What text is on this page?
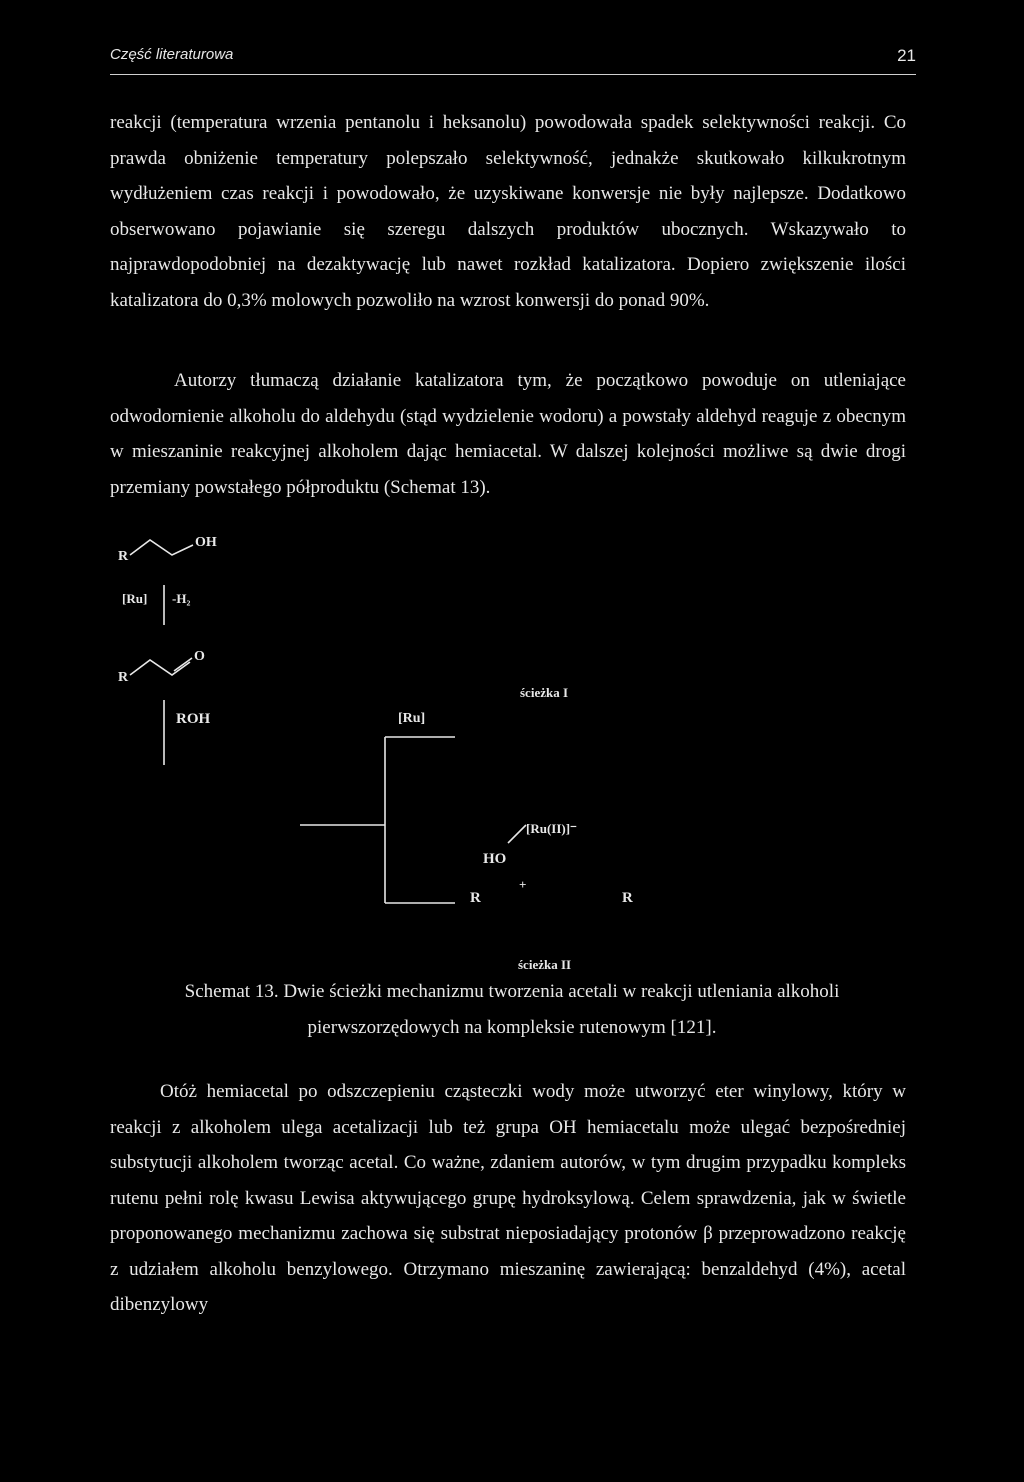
Część literaturowa	21
reakcji (temperatura wrzenia pentanolu i heksanolu) powodowała spadek selektywności reakcji. Co prawda obniżenie temperatury polepszało selektywność, jednakże skutkowało kilkukrotnym wydłużeniem czas reakcji i powodowało, że uzyskiwane konwersje nie były najlepsze. Dodatkowo obserwowano pojawianie się szeregu dalszych produktów ubocznych. Wskazywało to najprawdopodobniej na dezaktywację lub nawet rozkład katalizatora. Dopiero zwiększenie ilości katalizatora do 0,3% molowych pozwoliło na wzrost konwersji do ponad 90%.
Autorzy tłumaczą działanie katalizatora tym, że początkowo powoduje on utleniające odwodornienie alkoholu do aldehydu (stąd wydzielenie wodoru) a powstały aldehyd reaguje z obecnym w mieszaninie reakcyjnej alkoholem dając hemiacetal. W dalszej kolejności możliwe są dwie drogi przemiany powstałego półproduktu (Schemat 13).
R
OH
[Ru] -H₂
R
O
ROH	[Ru]
ścieżka I
[Ru(II)]⁻
HO
+
R	R
ścieżka II
Schemat 13. Dwie ścieżki mechanizmu tworzenia acetali w reakcji utleniania alkoholi
pierwszorzędowych na kompleksie rutenowym [121].
Otóż hemiacetal po odszczepieniu cząsteczki wody może utworzyć eter winylowy, który w reakcji z alkoholem ulega acetalizacji lub też grupa OH hemiacetalu może ulegać bezpośredniej substytucji alkoholem tworząc acetal. Co ważne, zdaniem autorów, w tym drugim przypadku kompleks rutenu pełni rolę kwasu Lewisa aktywującego grupę hydroksylową. Celem sprawdzenia, jak w świetle proponowanego mechanizmu zachowa się substrat nieposiadający protonów β przeprowadzono reakcję z udziałem alkoholu benzylowego. Otrzymano mieszaninę zawierającą: benzaldehyd (4%), acetal dibenzylowy
